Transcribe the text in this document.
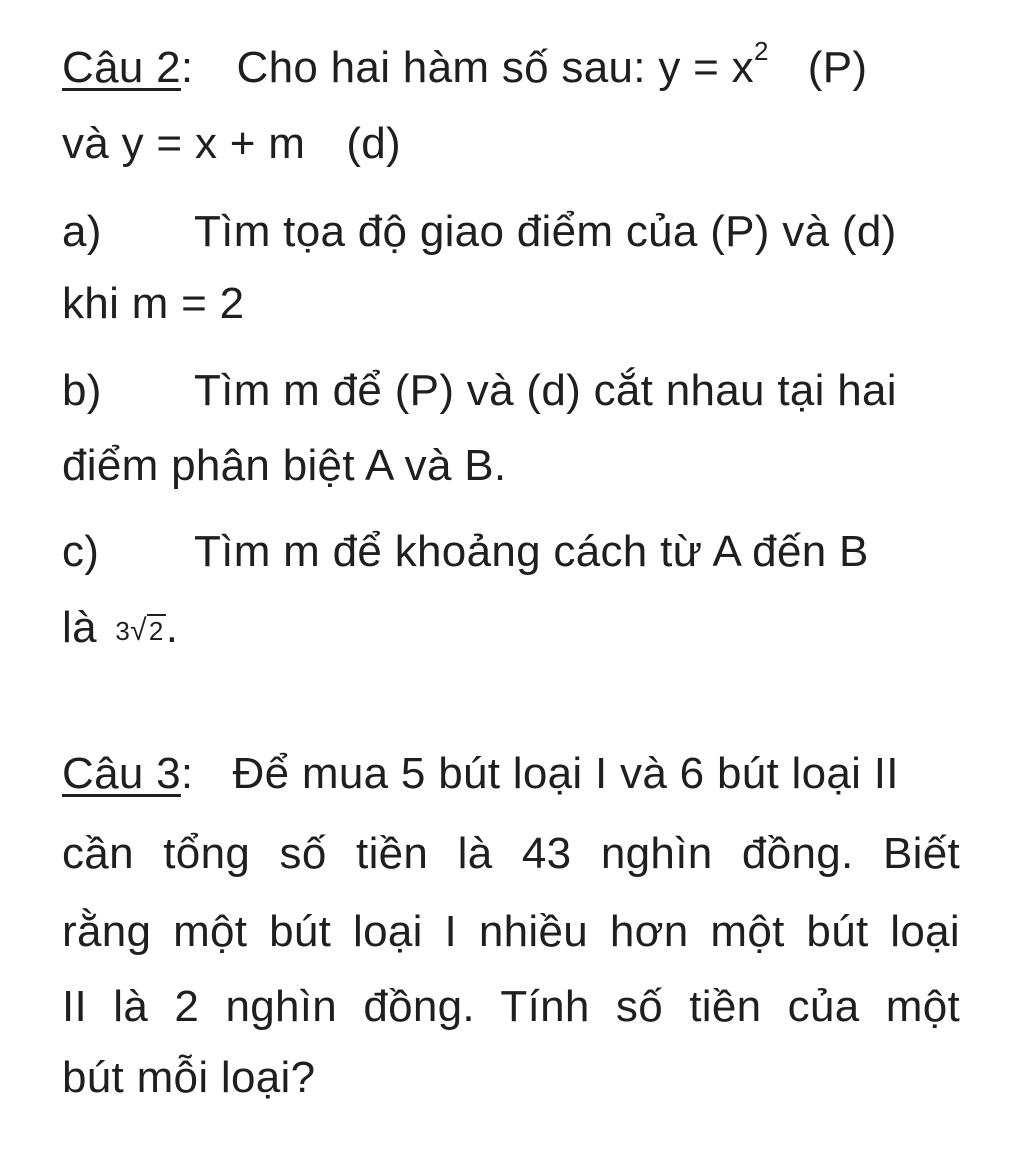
Câu 2: Cho hai hàm số sau: $y = x^2$ (P)
và y = x + m (d)
a) Tìm tọa độ giao điểm của (P) và (d)
khi m = 2
b) Tìm m để (P) và (d) cắt nhau tại hai
điểm phân biệt A và B.
c) Tìm m để khoảng cách từ A đến B
là 3√2.
Câu 3: Để mua 5 bút loại I và 6 bút loại II
cần tổng số tiền là 43 nghìn đồng. Biết
rằng một bút loại I nhiều hơn một bút loại
II là 2 nghìn đồng. Tính số tiền của một
bút mỗi loại?
